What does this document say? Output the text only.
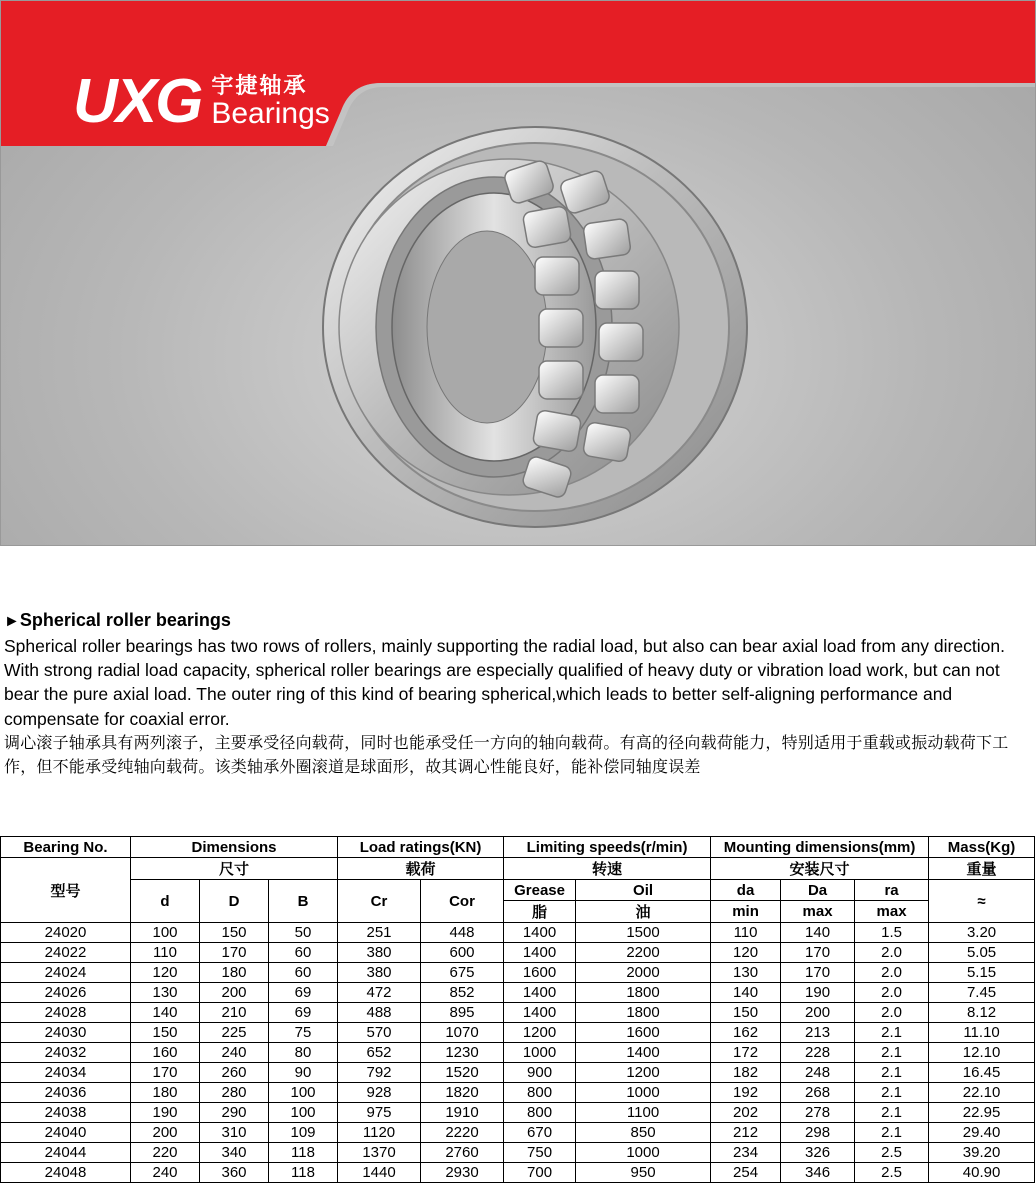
UXG 宇捷轴承
Bearings
►Spherical roller bearings

Spherical roller bearings has two rows of rollers, mainly supporting the radial load, but also can bear axial load from any direction. With strong radial load capacity, spherical roller bearings are especially qualified of heavy duty or vibration load work, but can not bear the pure axial load. The outer ring of this kind of bearing spherical,which leads to better self-aligning performance and compensate for coaxial error.

调心滚子轴承具有两列滚子，主要承受径向载荷，同时也能承受任一方向的轴向载荷。有高的径向载荷能力，特别适用于重载或振动载荷下工作，但不能承受纯轴向载荷。该类轴承外圈滚道是球面形，故其调心性能良好，能补偿同轴度误差

Bearing No.	Dimensions			Load ratings(KN)		Limiting speeds(r/min)		Mounting dimensions(mm)			Mass(Kg)
型号	尺寸			载荷		转速		安装尺寸			重量
	d	D	B	Cr	Cor	Grease	Oil	da	Da	ra	≈
						脂	油	min	max	max	
24020	100	150	50	251	448	1400	1500	110	140	1.5	3.20
24022	110	170	60	380	600	1400	2200	120	170	2.0	5.05
24024	120	180	60	380	675	1600	2000	130	170	2.0	5.15
24026	130	200	69	472	852	1400	1800	140	190	2.0	7.45
24028	140	210	69	488	895	1400	1800	150	200	2.0	8.12
24030	150	225	75	570	1070	1200	1600	162	213	2.1	11.10
24032	160	240	80	652	1230	1000	1400	172	228	2.1	12.10
24034	170	260	90	792	1520	900	1200	182	248	2.1	16.45
24036	180	280	100	928	1820	800	1000	192	268	2.1	22.10
24038	190	290	100	975	1910	800	1100	202	278	2.1	22.95
24040	200	310	109	1120	2220	670	850	212	298	2.1	29.40
24044	220	340	118	1370	2760	750	1000	234	326	2.5	39.20
24048	240	360	118	1440	2930	700	950	254	346	2.5	40.90
